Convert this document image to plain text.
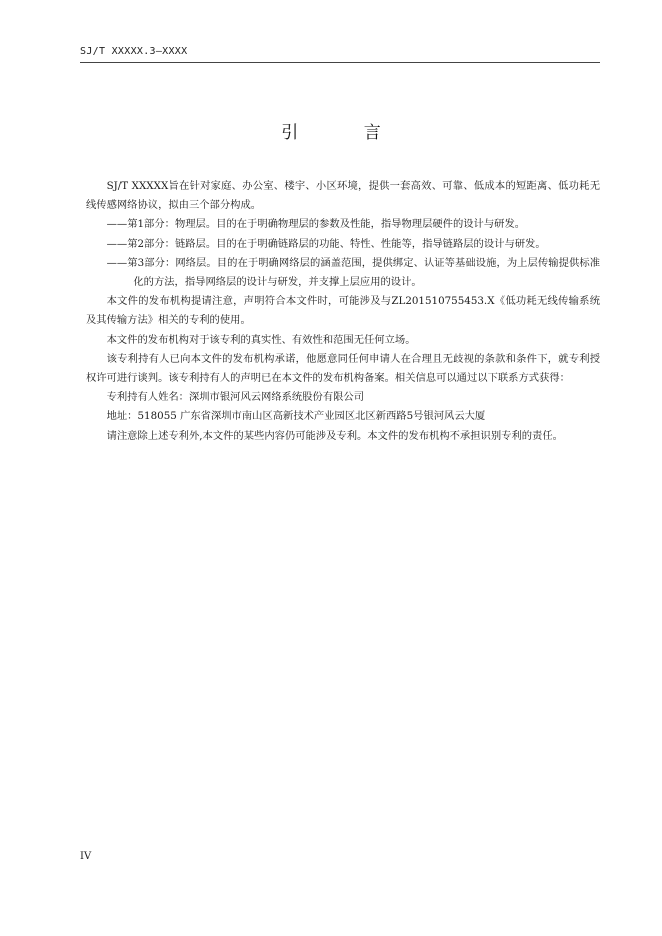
SJ/T XXXXX.3—XXXX
引 言

SJ/T XXXXX旨在针对家庭、办公室、楼宇、小区环境，提供一套高效、可靠、低成本的短距离、低功耗无线传感网络协议，拟由三个部分构成。

——第1部分：物理层。目的在于明确物理层的参数及性能，指导物理层硬件的设计与研发。

——第2部分：链路层。目的在于明确链路层的功能、特性、性能等，指导链路层的设计与研发。

——第3部分：网络层。目的在于明确网络层的涵盖范围，提供绑定、认证等基础设施，为上层传输提供标准化的方法，指导网络层的设计与研发，并支撑上层应用的设计。

本文件的发布机构提请注意，声明符合本文件时，可能涉及与ZL201510755453.X《低功耗无线传输系统及其传输方法》相关的专利的使用。

本文件的发布机构对于该专利的真实性、有效性和范围无任何立场。

该专利持有人已向本文件的发布机构承诺，他愿意同任何申请人在合理且无歧视的条款和条件下，就专利授权许可进行谈判。该专利持有人的声明已在本文件的发布机构备案。相关信息可以通过以下联系方式获得：

专利持有人姓名：深圳市银河风云网络系统股份有限公司

地址：518055 广东省深圳市南山区高新技术产业园区北区新西路5号银河风云大厦

请注意除上述专利外,本文件的某些内容仍可能涉及专利。本文件的发布机构不承担识别专利的责任。

IV
